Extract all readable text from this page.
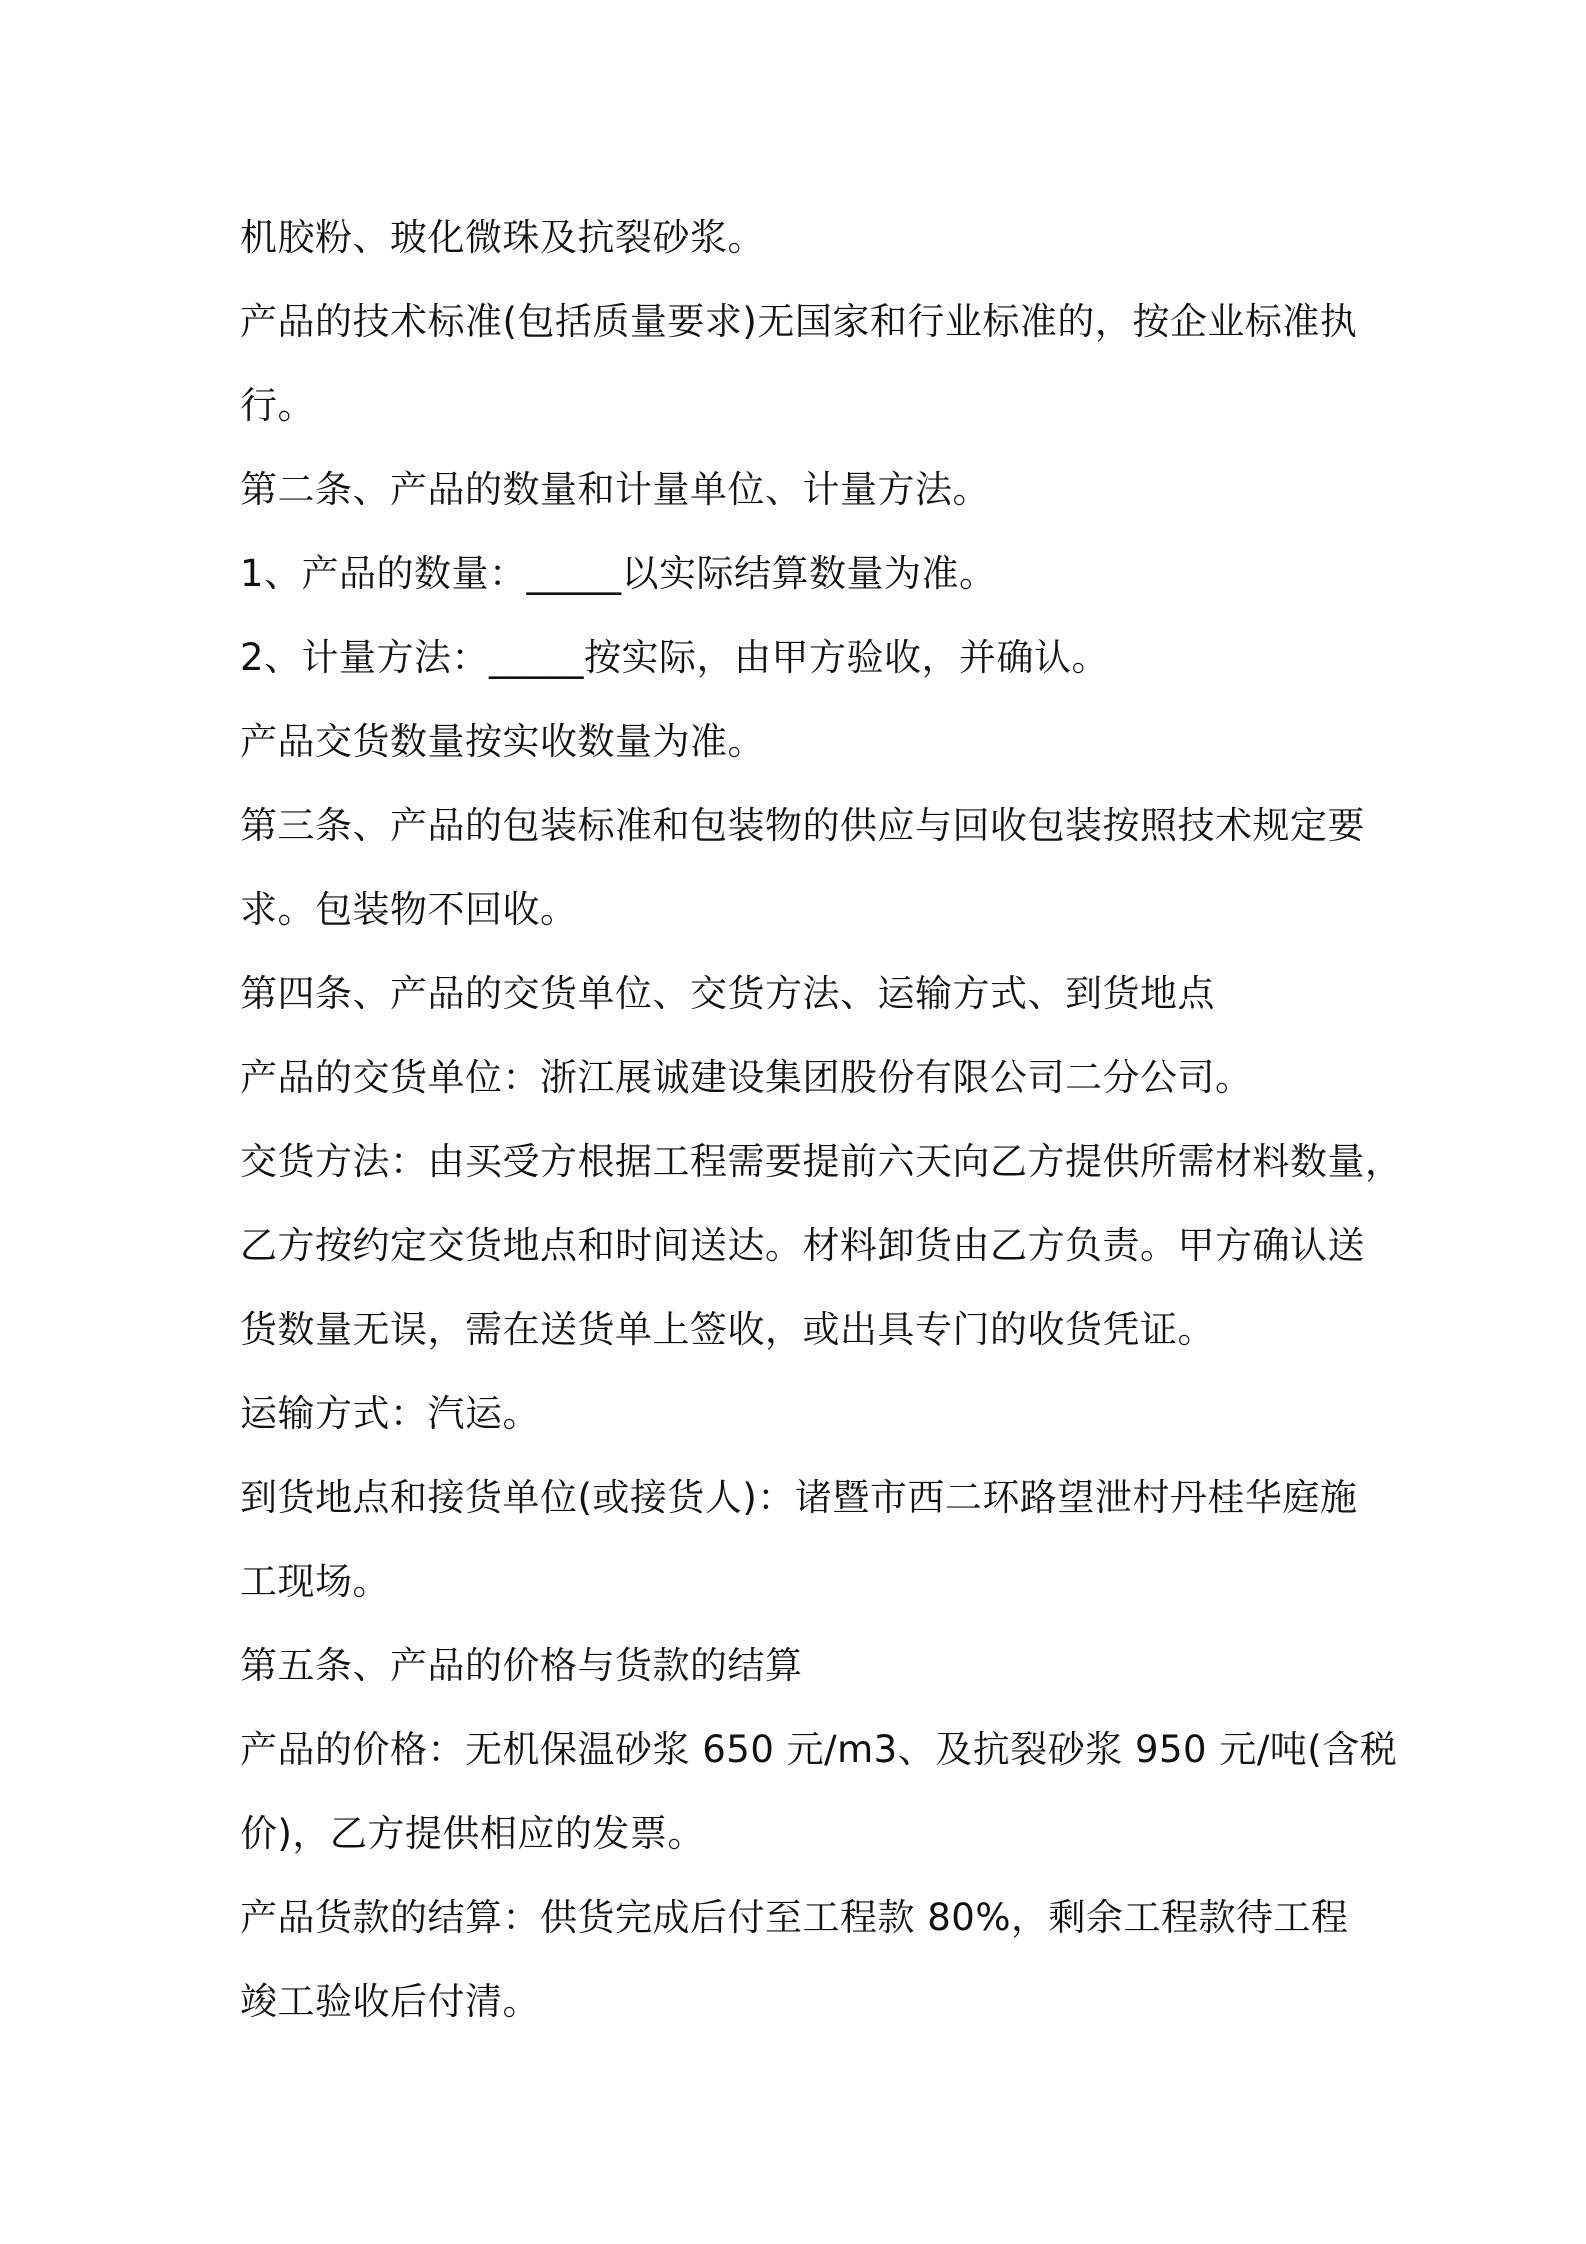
机胶粉、玻化微珠及抗裂砂浆。
产品的技术标准(包括质量要求)无国家和行业标准的，按企业标准执
行。
第二条、产品的数量和计量单位、计量方法。
1、产品的数量：_____以实际结算数量为准。
2、计量方法：_____按实际，由甲方验收，并确认。
产品交货数量按实收数量为准。
第三条、产品的包装标准和包装物的供应与回收包装按照技术规定要
求。包装物不回收。
第四条、产品的交货单位、交货方法、运输方式、到货地点
产品的交货单位：浙江展诚建设集团股份有限公司二分公司。
交货方法：由买受方根据工程需要提前六天向乙方提供所需材料数量，
乙方按约定交货地点和时间送达。材料卸货由乙方负责。甲方确认送
货数量无误，需在送货单上签收，或出具专门的收货凭证。
运输方式：汽运。
到货地点和接货单位(或接货人)：诸暨市西二环路望泄村丹桂华庭施
工现场。
第五条、产品的价格与货款的结算
产品的价格：无机保温砂浆 650 元/m3、及抗裂砂浆 950 元/吨(含税
价)，乙方提供相应的发票。
产品货款的结算：供货完成后付至工程款 80%，剩余工程款待工程
竣工验收后付清。
